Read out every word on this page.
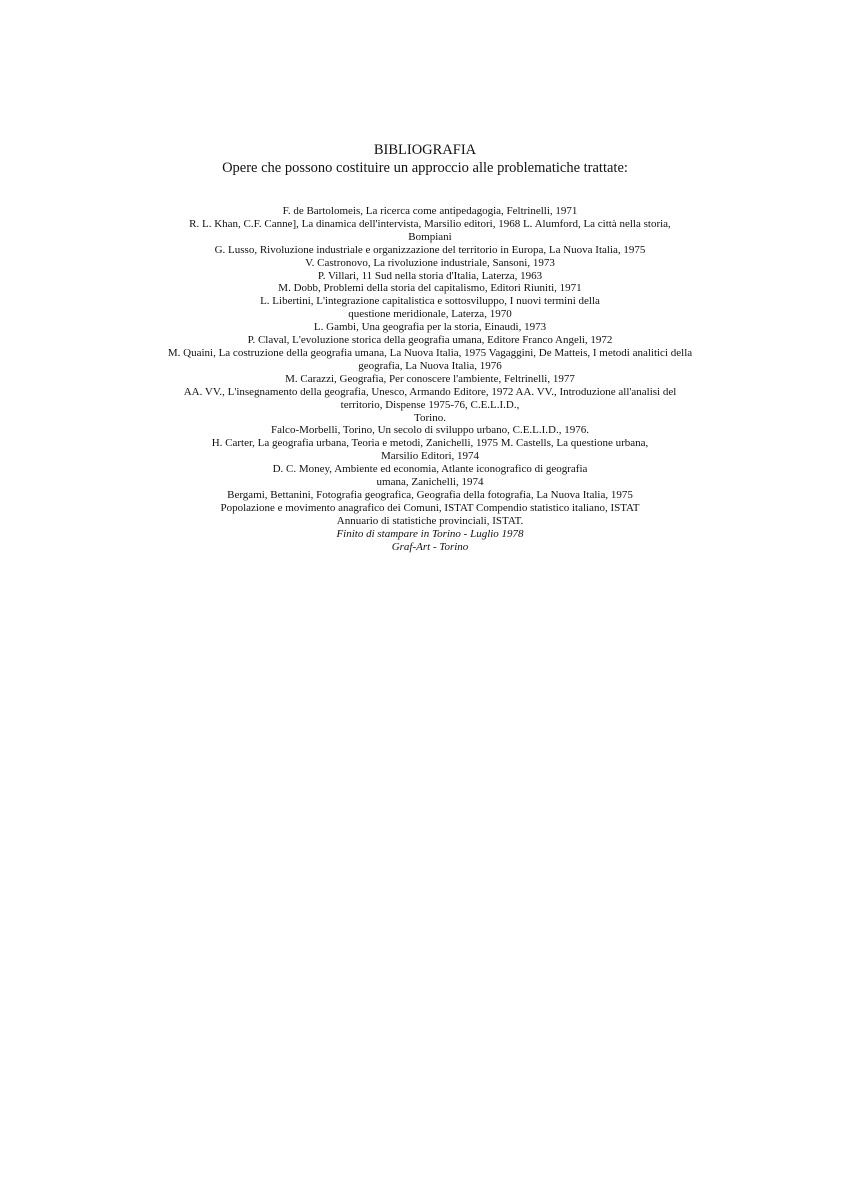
BIBLIOGRAFIA
Opere che possono costituire un approccio alle problematiche trattate:
F. de Bartolomeis, La ricerca come antipedagogia, Feltrinelli, 1971
R. L. Khan, C.F. Canne], La dinamica dell'intervista, Marsilio editori, 1968 L. Alumford, La città nella storia,
Bompiani
G. Lusso, Rivoluzione industriale e organizzazione del territorio in Europa, La Nuova Italia, 1975
V. Castronovo, La rivoluzione industriale, Sansoni, 1973
P. Villari, 11 Sud nella storia d'Italia, Laterza, 1963
M. Dobb, Problemi della storia del capitalismo, Editori Riuniti, 1971
L. Libertini, L'integrazione capitalistica e sottosviluppo, I nuovi termini della
questione meridionale, Laterza, 1970
L. Gambi, Una geografia per la storia, Einaudi, 1973
P. Claval, L'evoluzione storica della geografia umana, Editore Franco Angeli, 1972
M. Quaini, La costruzione della geografia umana, La Nuova Italia, 1975 Vagaggini, De Matteis, I metodi analitici della
geografia, La Nuova Italia, 1976
M. Carazzi, Geografia, Per conoscere l'ambiente, Feltrinelli, 1977
AA. VV., L'insegnamento della geografia, Unesco, Armando Editore, 1972 AA. VV., Introduzione all'analisi del
territorio, Dispense 1975-76, C.E.L.I.D.,
Torino.
Falco-Morbelli, Torino, Un secolo di sviluppo urbano, C.E.L.I.D., 1976.
H. Carter, La geografia urbana, Teoria e metodi, Zanichelli, 1975 M. Castells, La questione urbana,
Marsilio Editori, 1974
D. C. Money, Ambiente ed economia, Atlante iconografico di geografia
umana, Zanichelli, 1974
Bergami, Bettanini, Fotografia geografica, Geografia della fotografia, La Nuova Italia, 1975
Popolazione e movimento anagrafico dei Comuni, ISTAT Compendio statistico italiano, ISTAT
Annuario di statistiche provinciali, ISTAT.
Finito di stampare in Torino - Luglio 1978
Graf-Art - Torino
